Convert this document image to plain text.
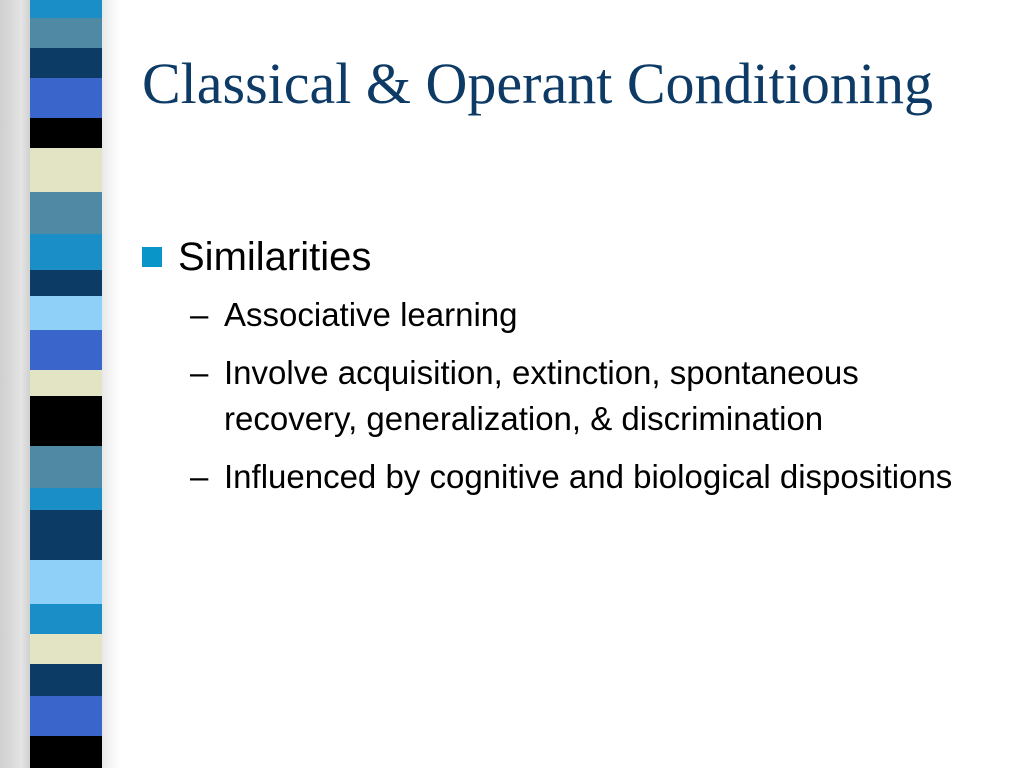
Classical & Operant Conditioning
Similarities
– Associative learning
– Involve acquisition, extinction, spontaneous recovery, generalization, & discrimination
– Influenced by cognitive and biological dispositions
